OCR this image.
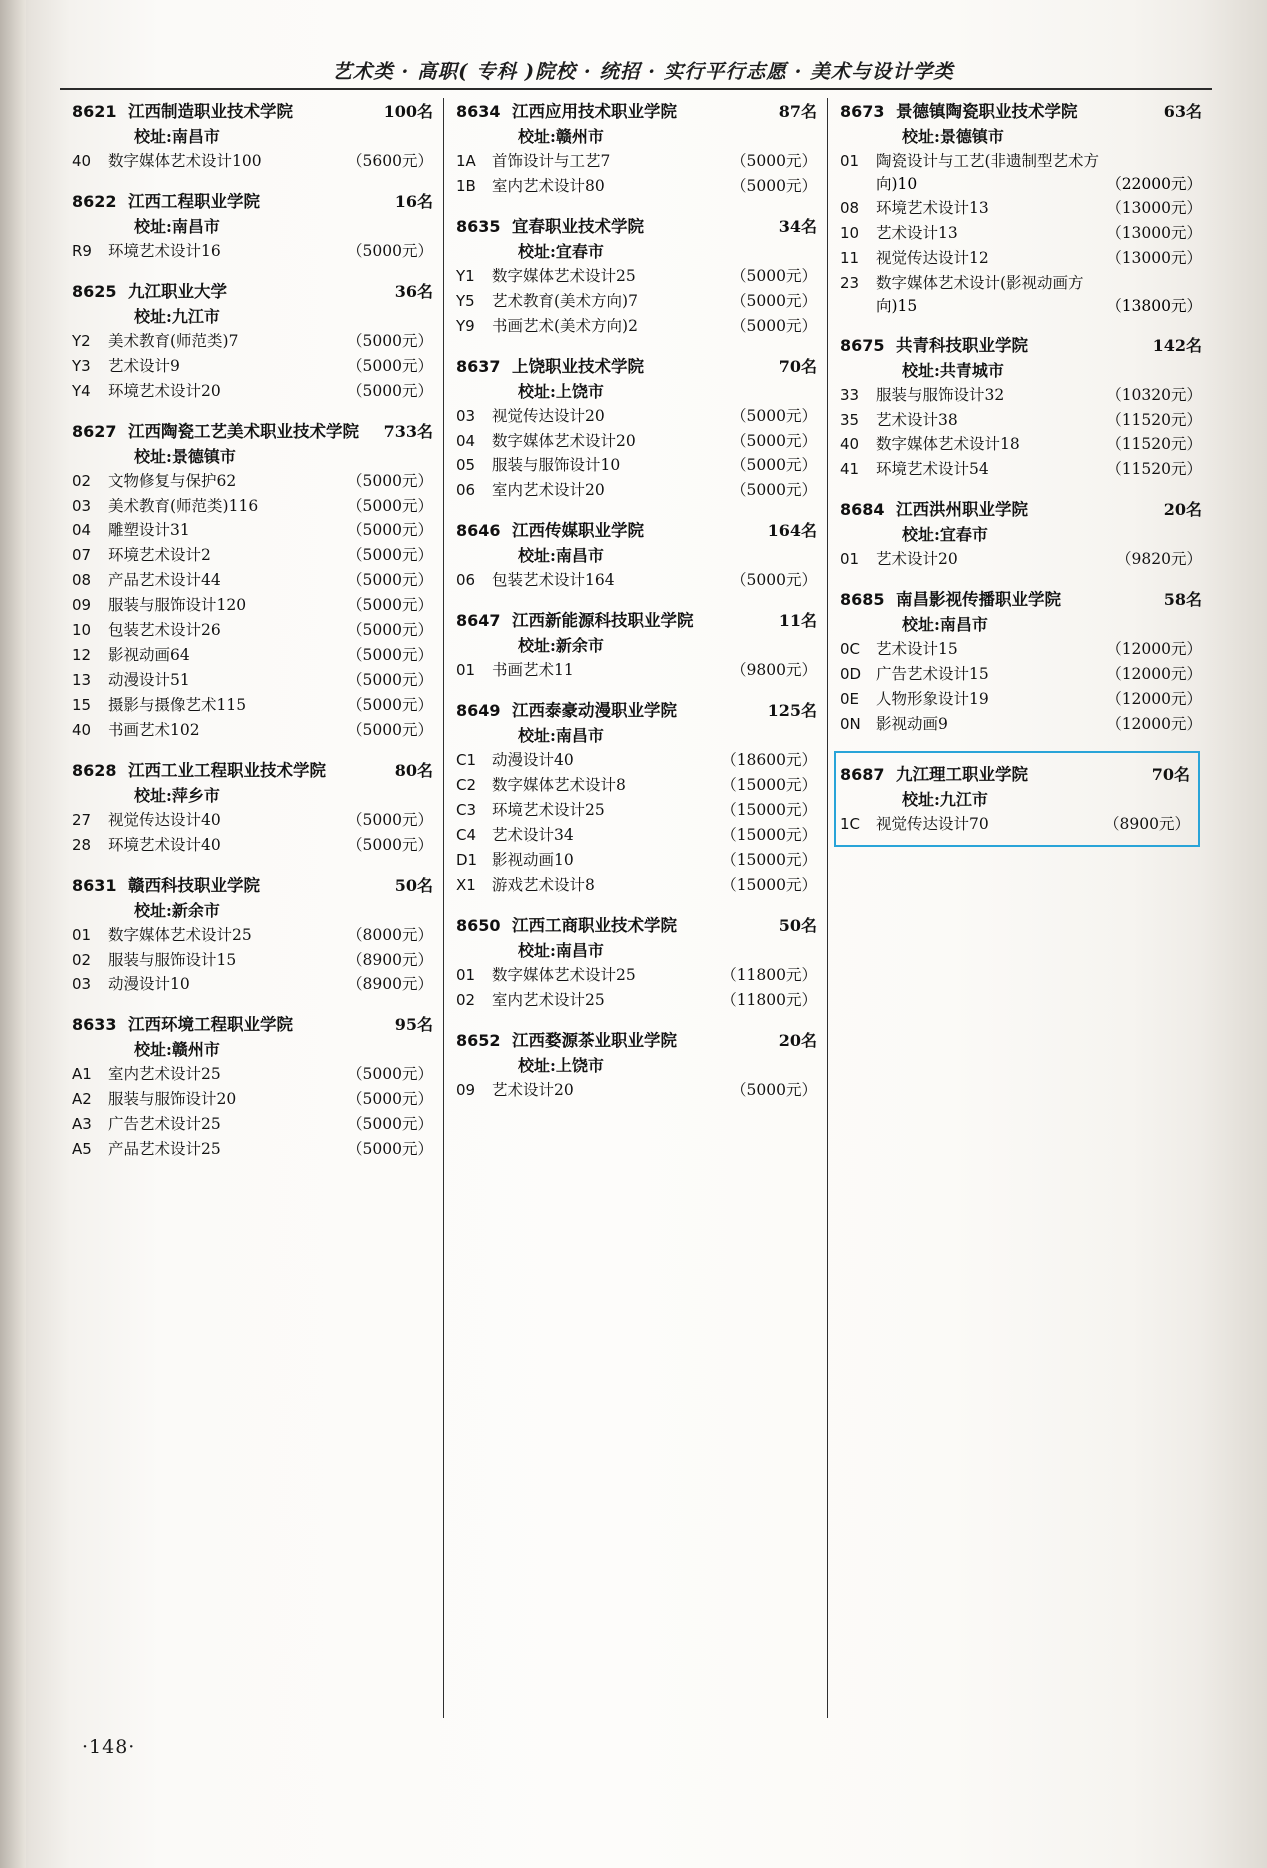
艺术类 · 高职( 专科 )院校 · 统招 · 实行平行志愿 · 美术与设计学类
8621 江西制造职业技术学院	100名
校址:南昌市
40	数字媒体艺术设计100	（5600元）
8622 江西工程职业学院	16名
校址:南昌市
R9	环境艺术设计16	（5000元）
8625 九江职业大学	36名
校址:九江市
Y2	美术教育(师范类)7	（5000元）
Y3	艺术设计9	（5000元）
Y4	环境艺术设计20	（5000元）
8627 江西陶瓷工艺美术职业技术学院	733名
校址:景德镇市
02	文物修复与保护62	（5000元）
03	美术教育(师范类)116	（5000元）
04	雕塑设计31	（5000元）
07	环境艺术设计2	（5000元）
08	产品艺术设计44	（5000元）
09	服装与服饰设计120	（5000元）
10	包装艺术设计26	（5000元）
12	影视动画64	（5000元）
13	动漫设计51	（5000元）
15	摄影与摄像艺术115	（5000元）
40	书画艺术102	（5000元）
8628 江西工业工程职业技术学院	80名
校址:萍乡市
27	视觉传达设计40	（5000元）
28	环境艺术设计40	（5000元）
8631 赣西科技职业学院	50名
校址:新余市
01	数字媒体艺术设计25	（8000元）
02	服装与服饰设计15	（8900元）
03	动漫设计10	（8900元）
8633 江西环境工程职业学院	95名
校址:赣州市
A1	室内艺术设计25	（5000元）
A2	服装与服饰设计20	（5000元）
A3	广告艺术设计25	（5000元）
A5	产品艺术设计25	（5000元）
8634 江西应用技术职业学院	87名
校址:赣州市
1A	首饰设计与工艺7	（5000元）
1B	室内艺术设计80	（5000元）
8635 宜春职业技术学院	34名
校址:宜春市
Y1	数字媒体艺术设计25	（5000元）
Y5	艺术教育(美术方向)7	（5000元）
Y9	书画艺术(美术方向)2	（5000元）
8637 上饶职业技术学院	70名
校址:上饶市
03	视觉传达设计20	（5000元）
04	数字媒体艺术设计20	（5000元）
05	服装与服饰设计10	（5000元）
06	室内艺术设计20	（5000元）
8646 江西传媒职业学院	164名
校址:南昌市
06	包装艺术设计164	（5000元）
8647 江西新能源科技职业学院	11名
校址:新余市
01	书画艺术11	（9800元）
8649 江西泰豪动漫职业学院	125名
校址:南昌市
C1	动漫设计40	（18600元）
C2	数字媒体艺术设计8	（15000元）
C3	环境艺术设计25	（15000元）
C4	艺术设计34	（15000元）
D1 影视动画10	（15000元）
X1	游戏艺术设计8	（15000元）
8650 江西工商职业技术学院	50名
校址:南昌市
01	数字媒体艺术设计25	（11800元）
02	室内艺术设计25	（11800元）
8652 江西婺源茶业职业学院	20名
校址:上饶市
09	艺术设计20	（5000元）
8673 景德镇陶瓷职业技术学院	63名
校址:景德镇市
01	陶瓷设计与工艺(非遗制型艺术方
向)10	（22000元）
08	环境艺术设计13	（13000元）
10	艺术设计13	（13000元）
11	视觉传达设计12	（13000元）
23	数字媒体艺术设计(影视动画方
向)15	（13800元）
8675 共青科技职业学院	142名
校址:共青城市
33	服装与服饰设计32	（10320元）
35	艺术设计38	（11520元）
40	数字媒体艺术设计18	（11520元）
41	环境艺术设计54	（11520元）
8684 江西洪州职业学院	20名
校址:宜春市
01	艺术设计20	（9820元）
8685 南昌影视传播职业学院	58名
校址:南昌市
0C	艺术设计15	（12000元）
0D 广告艺术设计15	（12000元）
0E	人物形象设计19	（12000元）
0N 影视动画9	（12000元）
8687 九江理工职业学院	70名
校址:九江市
1C	视觉传达设计70	（8900元）
·148·
